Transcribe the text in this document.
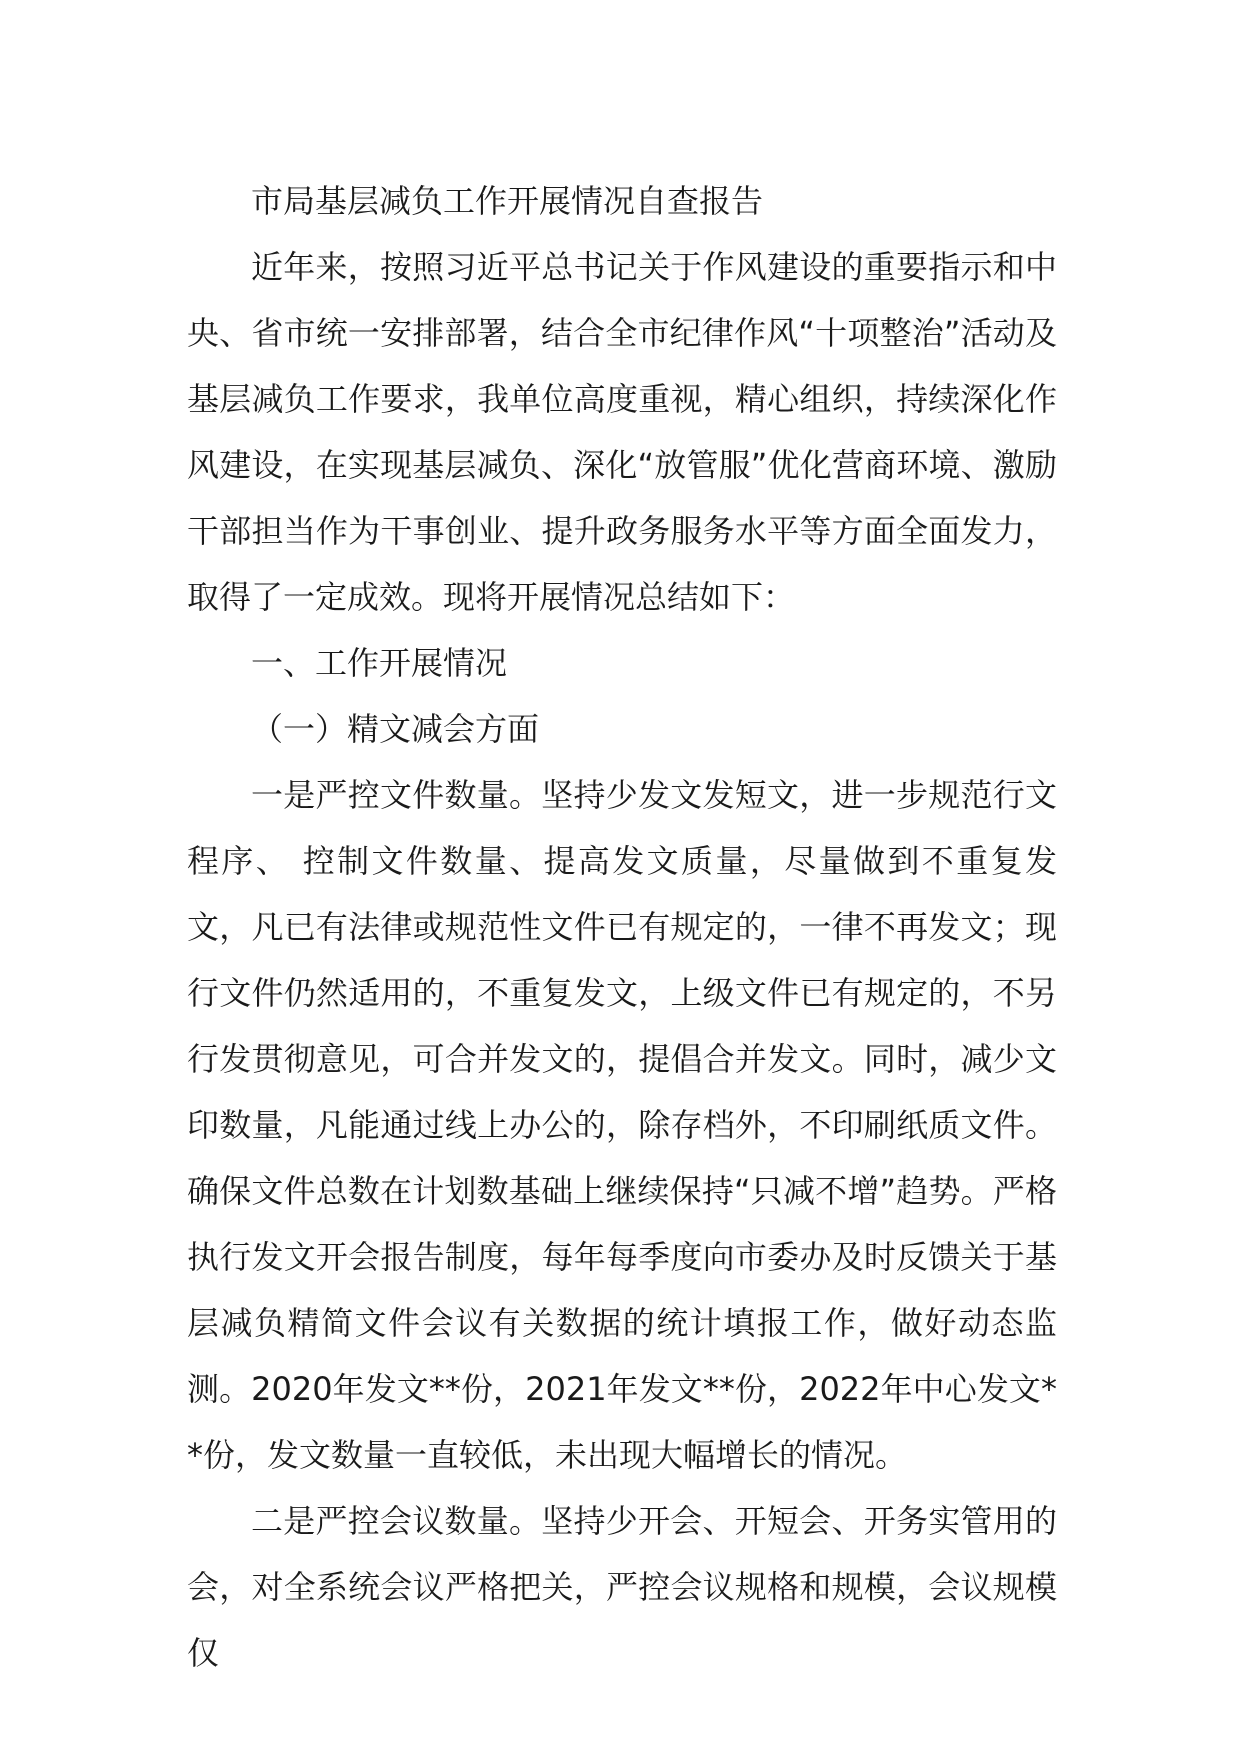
市局基层减负工作开展情况自查报告

近年来，按照习近平总书记关于作风建设的重要指示和中央、省市统一安排部署，结合全市纪律作风“十项整治”活动及基层减负工作要求，我单位高度重视，精心组织，持续深化作风建设，在实现基层减负、深化“放管服”优化营商环境、激励干部担当作为干事创业、提升政务服务水平等方面全面发力，取得了一定成效。现将开展情况总结如下：

一、工作开展情况

（一）精文减会方面

一是严控文件数量。坚持少发文发短文，进一步规范行文程序、 控制文件数量、提高发文质量，尽量做到不重复发文，凡已有法律或规范性文件已有规定的，一律不再发文；现行文件仍然适用的，不重复发文，上级文件已有规定的，不另行发贯彻意见，可合并发文的，提倡合并发文。同时，减少文印数量，凡能通过线上办公的，除存档外，不印刷纸质文件。确保文件总数在计划数基础上继续保持“只减不增”趋势。严格执行发文开会报告制度，每年每季度向市委办及时反馈关于基层减负精简文件会议有关数据的统计填报工作，做好动态监测。2020年发文**份，2021年发文**份，2022年中心发文**份，发文数量一直较低，未出现大幅增长的情况。

二是严控会议数量。坚持少开会、开短会、开务实管用的会，对全系统会议严格把关，严控会议规格和规模，会议规模仅
